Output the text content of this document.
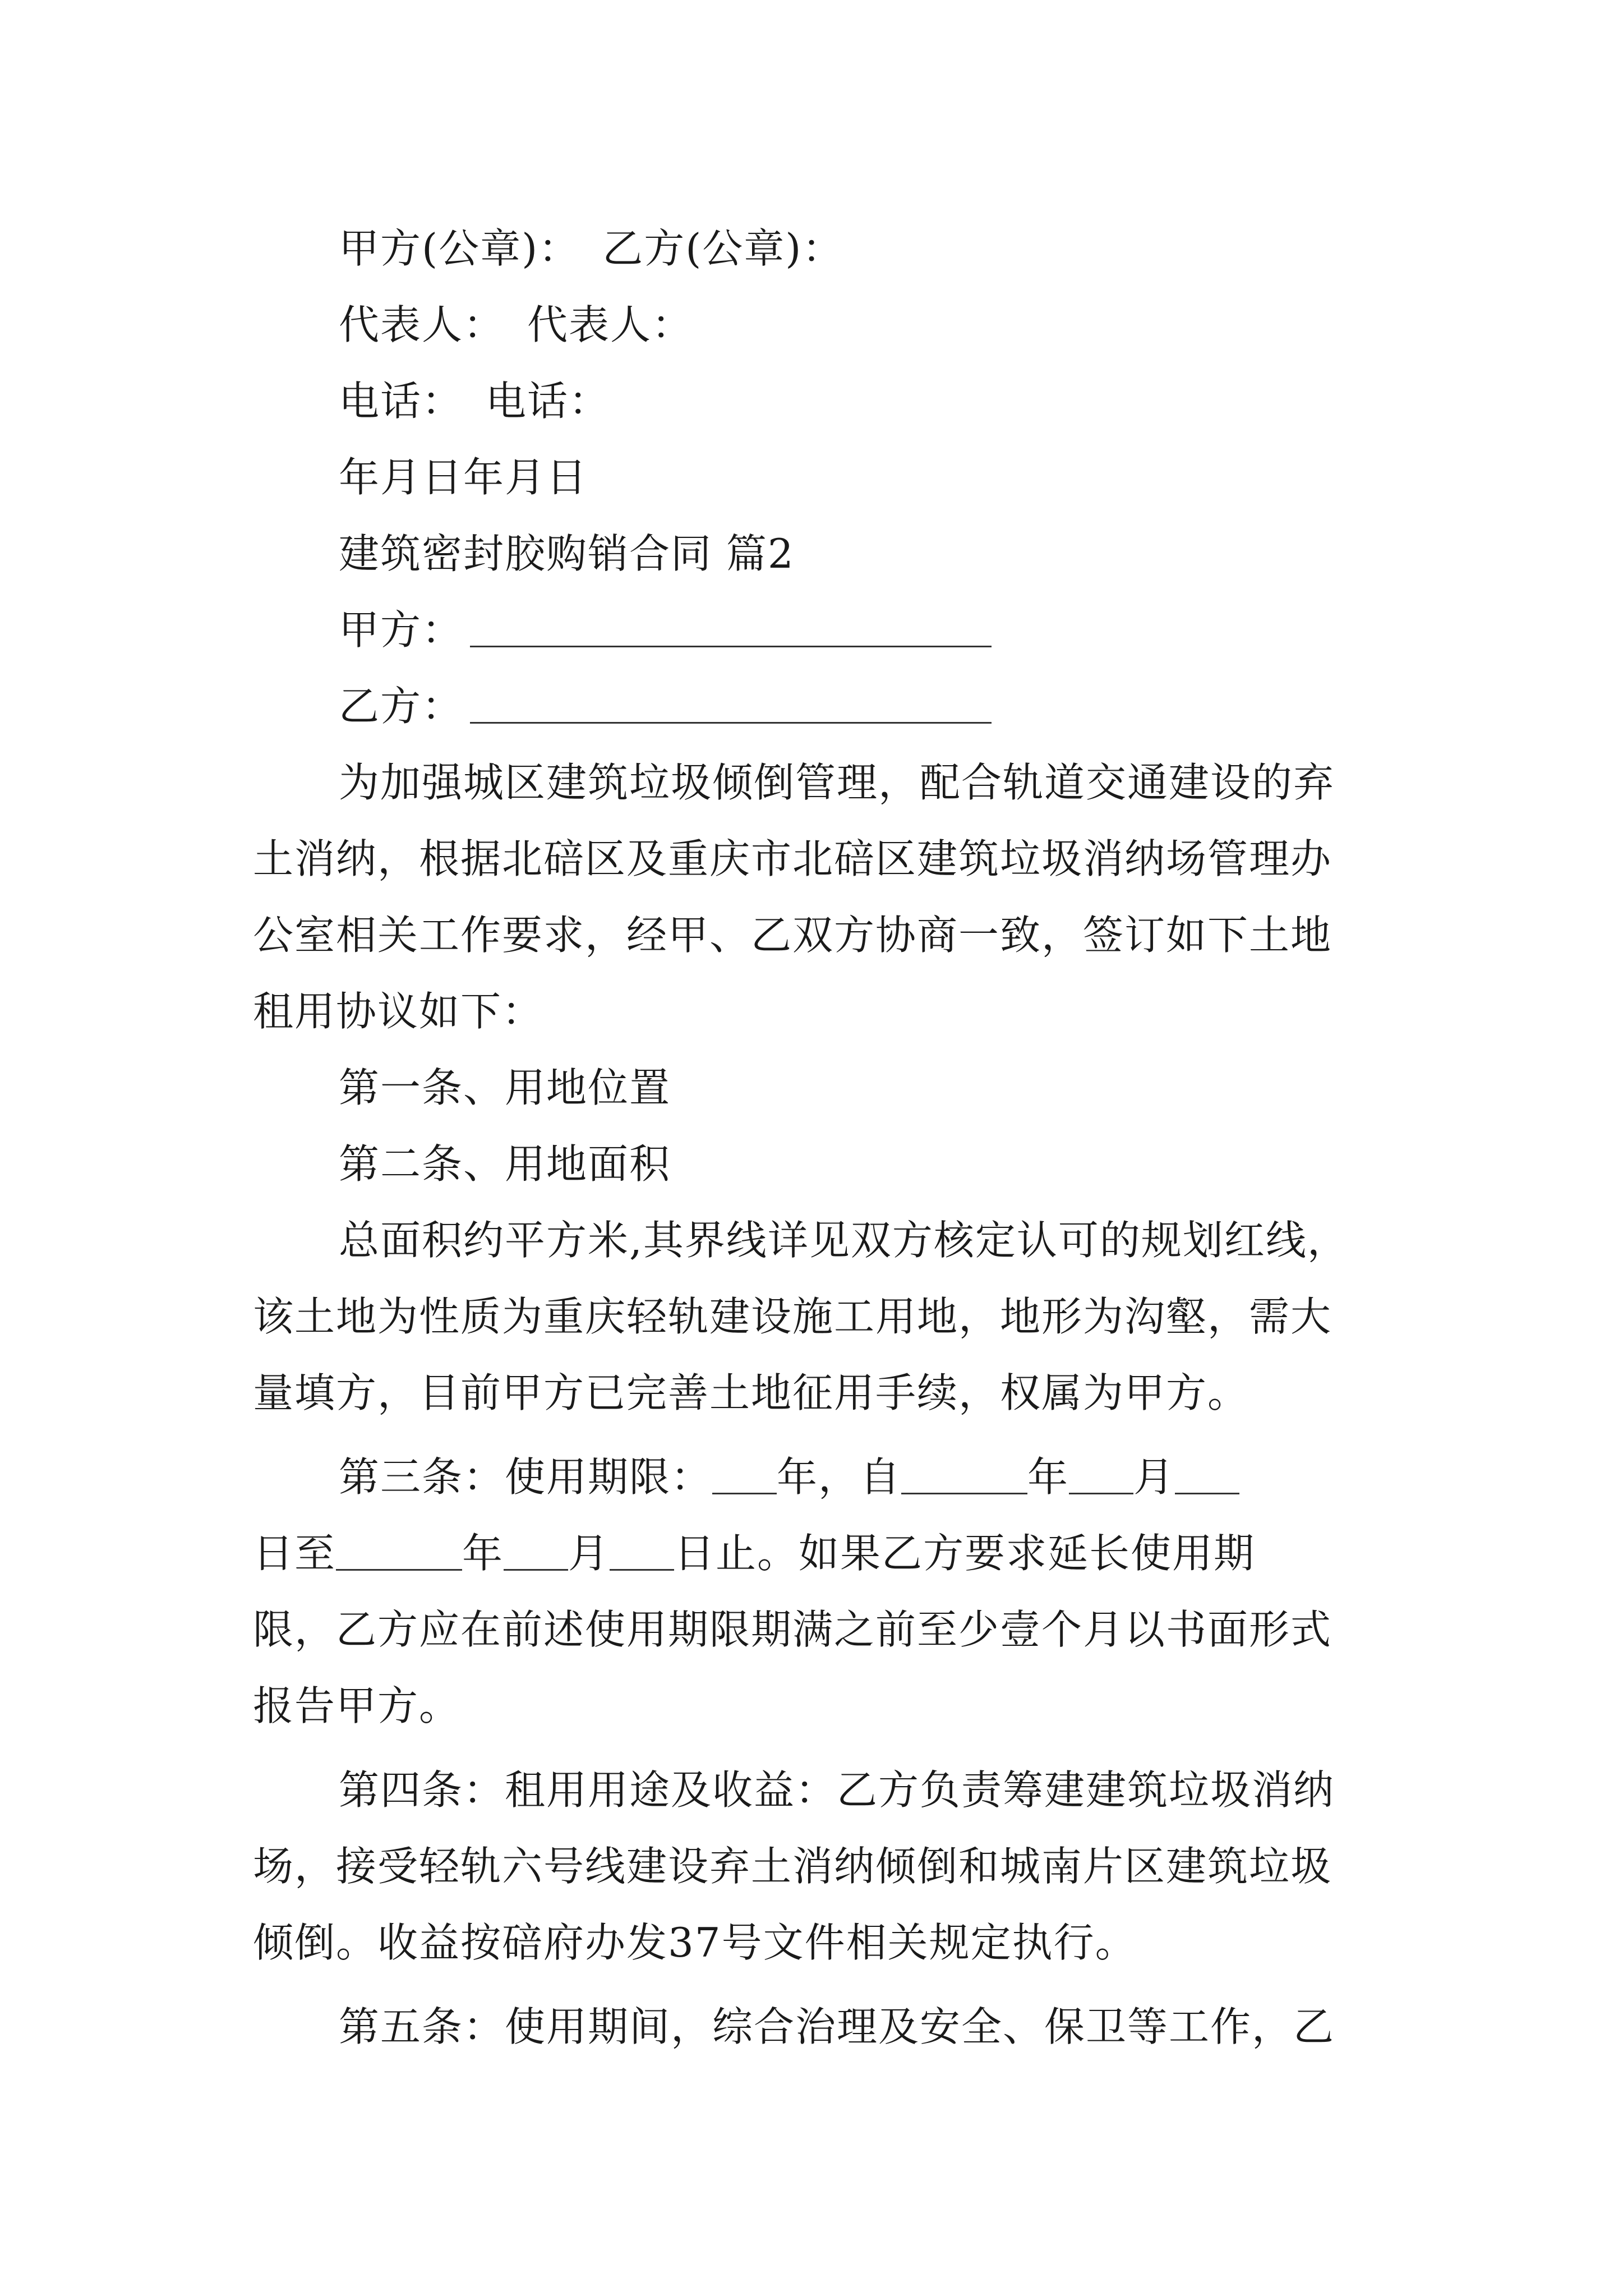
甲方(公章)： 乙方(公章)：
代表人： 代表人：
电话： 电话：
年月日年月日
建筑密封胶购销合同 篇2
甲方：
乙方：
为加强城区建筑垃圾倾倒管理，配合轨道交通建设的弃
土消纳，根据北碚区及重庆市北碚区建筑垃圾消纳场管理办
公室相关工作要求，经甲、乙双方协商一致，签订如下土地
租用协议如下：
第一条、用地位置
第二条、用地面积
总面积约平方米,其界线详见双方核定认可的规划红线，
该土地为性质为重庆轻轨建设施工用地，地形为沟壑，需大
量填方，目前甲方已完善土地征用手续，权属为甲方。
第三条：使用期限： 年，自	年 月
日至	年 月 日止。如果乙方要求延长使用期
限，乙方应在前述使用期限期满之前至少壹个月以书面形式
报告甲方。
第四条：租用用途及收益：乙方负责筹建建筑垃圾消纳
场，接受轻轨六号线建设弃土消纳倾倒和城南片区建筑垃圾
倾倒。收益按碚府办发37号文件相关规定执行。
第五条：使用期间，综合治理及安全、保卫等工作，乙
